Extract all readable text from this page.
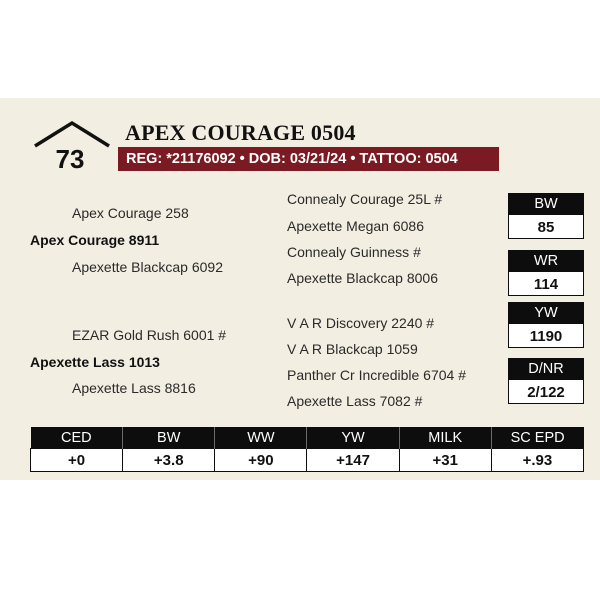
73
APEX COURAGE 0504
REG: *21176092 • DOB: 03/21/24 • TATTOO: 0504
Apex Courage 258
Apex Courage 8911
Apexette Blackcap 6092
EZAR Gold Rush 6001 #
Apexette Lass 1013
Apexette Lass 8816
Connealy Courage 25L #
Apexette Megan 6086
Connealy Guinness #
Apexette Blackcap 8006
V A R Discovery 2240 #
V A R Blackcap 1059
Panther Cr Incredible 6704 #
Apexette Lass 7082 #
BW
85
WR
114
YW
1190
D/NR
2/122
CED	BW	WW	YW	MILK	SC EPD
+0	+3.8	+90	+147	+31	+.93
